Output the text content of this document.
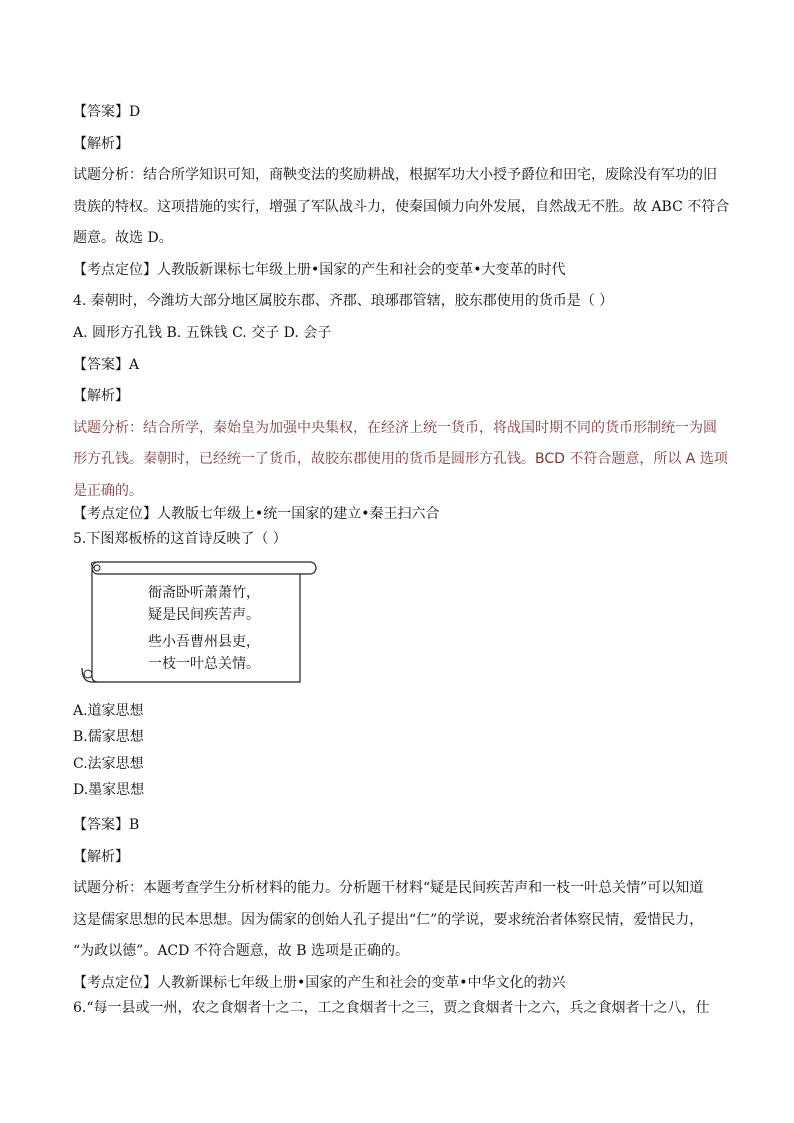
【答案】D
【解析】
试题分析：结合所学知识可知，商鞅变法的奖励耕战，根据军功大小授予爵位和田宅，废除没有军功的旧
贵族的特权。这项措施的实行，增强了军队战斗力，使秦国倾力向外发展，自然战无不胜。故 ABC 不符合
题意。故选 D。
【考点定位】人教版新课标七年级上册•国家的产生和社会的变革•大变革的时代
4. 秦朝时，今潍坊大部分地区属胶东郡、齐郡、琅琊郡管辖，胶东郡使用的货币是（ ）
A. 圆形方孔钱 B. 五铢钱 C. 交子 D. 会子
【答案】A
【解析】
试题分析：结合所学，秦始皇为加强中央集权，在经济上统一货币，将战国时期不同的货币形制统一为圆
形方孔钱。秦朝时，已经统一了货币，故胶东郡使用的货币是圆形方孔钱。BCD 不符合题意，所以 A 选项
是正确的。
【考点定位】人教版七年级上•统一国家的建立•秦王扫六合
5.下图郑板桥的这首诗反映了（ ）
衙斋卧听萧萧竹，
疑是民间疾苦声。
些小吾曹州县吏，
一枝一叶总关情。
A.道家思想
B.儒家思想
C.法家思想
D.墨家思想
【答案】B
【解析】
试题分析：本题考查学生分析材料的能力。分析题干材料“疑是民间疾苦声和一枝一叶总关情”可以知道
这是儒家思想的民本思想。因为儒家的创始人孔子提出“仁”的学说，要求统治者体察民情，爱惜民力，
“为政以德”。ACD 不符合题意，故 B 选项是正确的。
【考点定位】人教新课标七年级上册•国家的产生和社会的变革•中华文化的勃兴
6.“每一县或一州，农之食烟者十之二，工之食烟者十之三，贾之食烟者十之六，兵之食烟者十之八，仕
